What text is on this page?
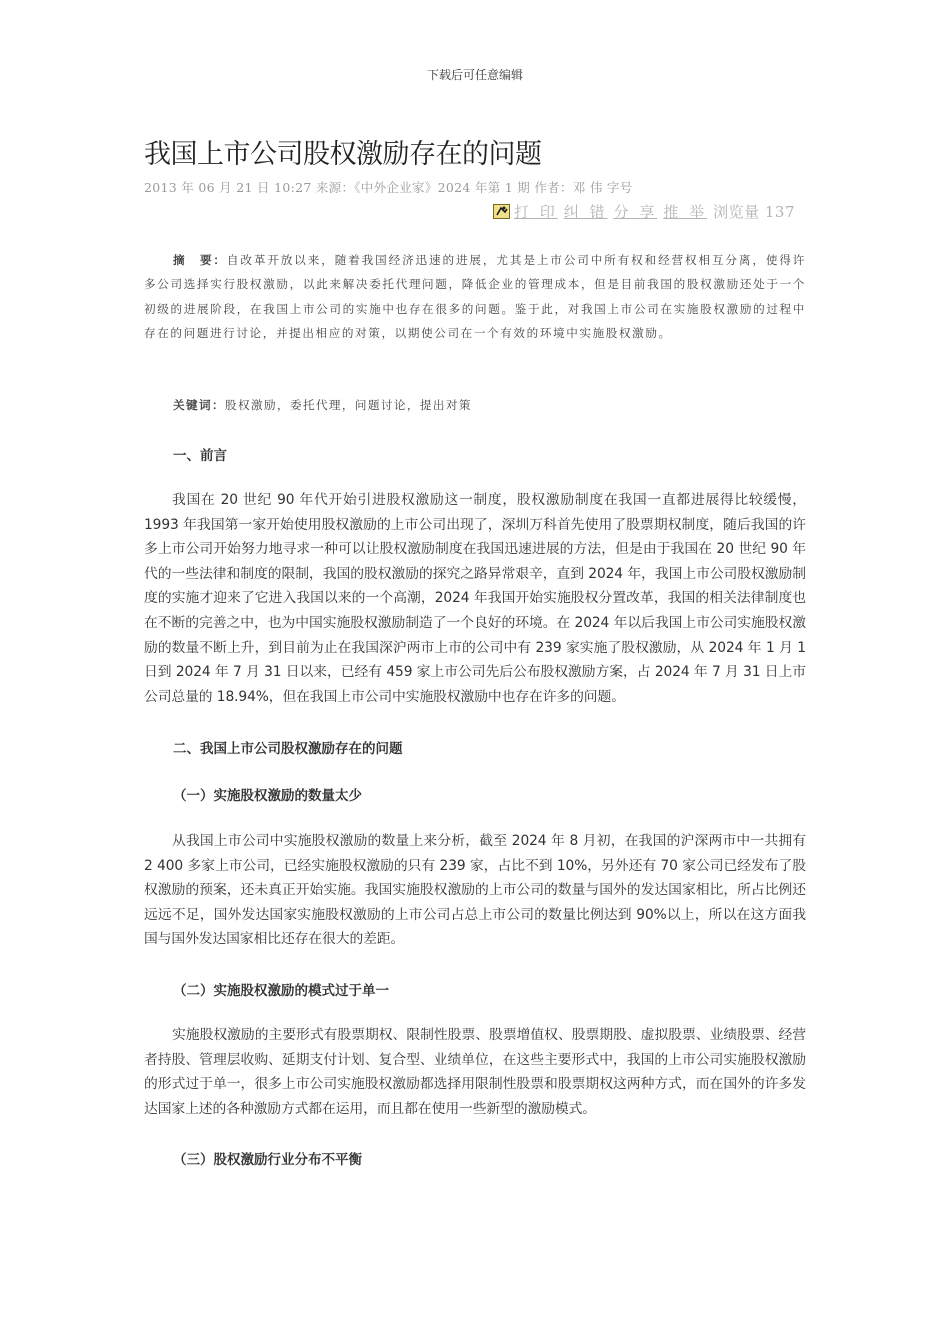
下载后可任意编辑
我国上市公司股权激励存在的问题
2013 年 06 月 21 日 10:27 来源：《中外企业家》2024 年第 1 期 作者：邓 伟 字号
打 印 纠 错 分 享 推 举 浏览量 137

摘　要：自改革开放以来，随着我国经济迅速的进展，尤其是上市公司中所有权和经营权相互分离，使得许多公司选择实行股权激励，以此来解决委托代理问题，降低企业的管理成本，但是目前我国的股权激励还处于一个初级的进展阶段，在我国上市公司的实施中也存在很多的问题。鉴于此，对我国上市公司在实施股权激励的过程中存在的问题进行讨论，并提出相应的对策，以期使公司在一个有效的环境中实施股权激励。

关键词：股权激励，委托代理，问题讨论，提出对策
一、前言

我国在 20 世纪 90 年代开始引进股权激励这一制度，股权激励制度在我国一直都进展得比较缓慢，1993 年我国第一家开始使用股权激励的上市公司出现了，深圳万科首先使用了股票期权制度，随后我国的许多上市公司开始努力地寻求一种可以让股权激励制度在我国迅速进展的方法，但是由于我国在 20 世纪 90 年代的一些法律和制度的限制，我国的股权激励的探究之路异常艰辛，直到 2024 年，我国上市公司股权激励制度的实施才迎来了它进入我国以来的一个高潮，2024 年我国开始实施股权分置改革，我国的相关法律制度也在不断的完善之中，也为中国实施股权激励制造了一个良好的环境。在 2024 年以后我国上市公司实施股权激励的数量不断上升，到目前为止在我国深沪两市上市的公司中有 239 家实施了股权激励，从 2024 年 1 月 1 日到 2024 年 7 月 31 日以来，已经有 459 家上市公司先后公布股权激励方案，占 2024 年 7 月 31 日上市公司总量的 18.94%，但在我国上市公司中实施股权激励中也存在许多的问题。

二、我国上市公司股权激励存在的问题
（一）实施股权激励的数量太少

从我国上市公司中实施股权激励的数量上来分析，截至 2024 年 8 月初，在我国的沪深两市中一共拥有 2 400 多家上市公司，已经实施股权激励的只有 239 家，占比不到 10%，另外还有 70 家公司已经发布了股权激励的预案，还未真正开始实施。我国实施股权激励的上市公司的数量与国外的发达国家相比，所占比例还远远不足，国外发达国家实施股权激励的上市公司占总上市公司的数量比例达到 90%以上，所以在这方面我国与国外发达国家相比还存在很大的差距。

（二）实施股权激励的模式过于单一

实施股权激励的主要形式有股票期权、限制性股票、股票增值权、股票期股、虚拟股票、业绩股票、经营者持股、管理层收购、延期支付计划、复合型、业绩单位，在这些主要形式中，我国的上市公司实施股权激励的形式过于单一，很多上市公司实施股权激励都选择用限制性股票和股票期权这两种方式，而在国外的许多发达国家上述的各种激励方式都在运用，而且都在使用一些新型的激励模式。

（三）股权激励行业分布不平衡
